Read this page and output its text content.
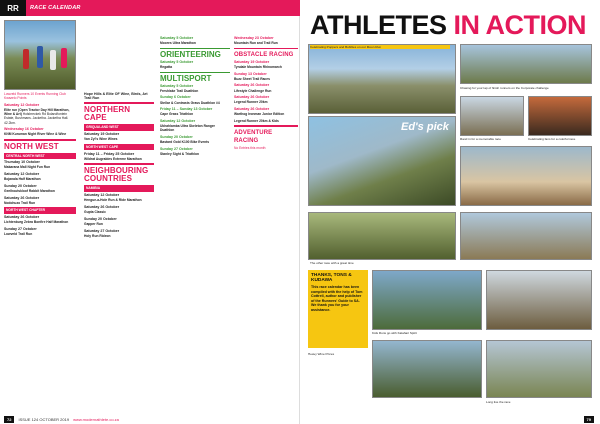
RR	RACE CALENDAR

Lowveld Runners 10 Events Running Club Kwazelo Points

Saturday 12 October

Elite run (Open Tractor Day Hill Marathon, Wine & Art) Holsbreckek Rd Bolandfontein Estate, Bushmans. Jacketha. Jacketha Hall. 42.2km.

Wednesday 16 October

KNM Kuruman Night River Wine & Wine

NORTH WEST
CENTRAL NORTH WEST
Thursday 10 October

Makarana Mall Night Fun Run

Saturday 12 October

Bojanala Half Marathon

Sunday 20 October

Geelhoutskloof Rabbit Marathon

Saturday 26 October

Nodohuzo Trail Run

NORTH WEST CHAPTER
Saturday 26 October

Lichtenburg Zebra Bonfire Half Marathon

Sunday 27 October

Lowveld Trail Run

Hope Hills & Elite OF Wine, Birds, Art Trail Run
NORTHERN CAPE
GRIQUALAND WEST
Saturday 19 October

Van Zyl's Wine Wines

NORTH WEST CAPE
Friday 11 – Friday 25 October

Wildrat Augrabies Extreme Marathon

NEIGHBOURING COUNTRIES
NAMIBIA
Saturday 12 October

Hengue-a-Hole Run & Ride Marathon

Saturday 26 October

Gupta Classic

Sunday 20 October

Gapper Run

Saturday 27 October

Holy Run Rideon

Saturday 5 October

Moores Ultra Marathon

ORIENTEERING
Saturday 5 October

Regatta

MULTISPORT
Saturday 5 October

Freshlake Trail Duathlon

Sunday 6 October

Stellar & Contrasts Grass Duathlon #4

Friday 11 – Sunday 13 October

Cape Grass Triathlon

Saturday 12 October

Ukhahlamba Ultra Skeleton Ranger Duathlon

Sunday 20 October

Bastard Gold K100 Bike Events

Sunday 27 October

Stanley Sight & Triathlon

Wednesday 23 October

Mountain Run and Trail Run

OBSTACLE RACING
Saturday 19 October

Tyndale Mountain Rhinomarch

Sunday 13 October

Buzz Sheet Trail Races

Saturday 26 October

Lifestyle Challenge Run

Saturday 26 October

Legend Runner 20km

Saturday 26 October

Warthog Ironman Junior Edition

Legend Runner 20km & Kids

ADVENTURE RACING

No Entries this month

72	ISSUE 124 OCTOBER 2019 www.modernathlete.co.za
ATHLETES IN ACTION
Celebrating Poppers and Bubbles on our Moon Run
Chasing for your lap of finish runners on the Corporate challenge
Rand in for a memorable race	Celebrating fans for a colorful race
Ed's pick
The other race with a great time
THANKS, TONS & KUDAWA
This race calendar has been compiled with the help of Tom Cottrell, author and publisher of the Runners' Guide to SA. We thank you for your assistance.
Kids Runs go with Kalahari Spirit
Heavy Wine Prices
Long live the race
79
